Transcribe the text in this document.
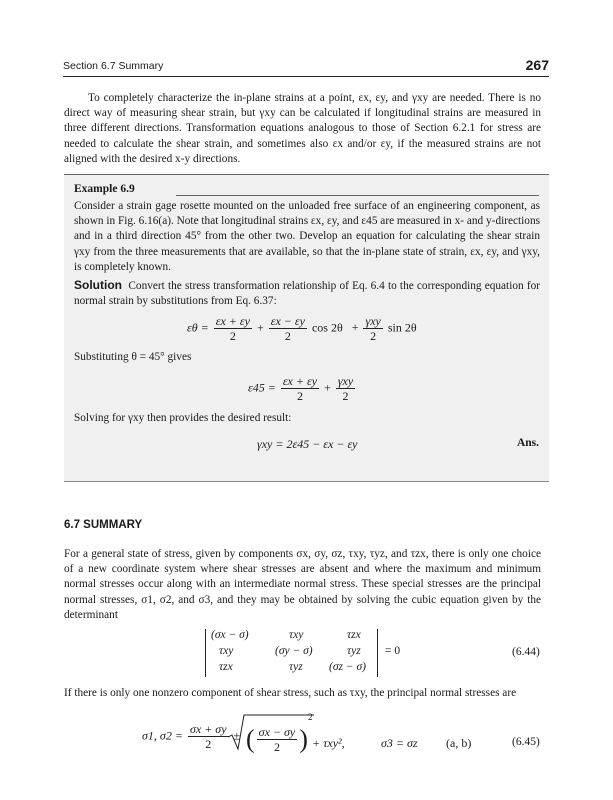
Section 6.7 Summary	267
To completely characterize the in-plane strains at a point, εx, εy, and γxy are needed. There is no direct way of measuring shear strain, but γxy can be calculated if longitudinal strains are measured in three different directions. Transformation equations analogous to those of Section 6.2.1 for stress are needed to calculate the shear strain, and sometimes also εx and/or εy, if the measured strains are not aligned with the desired x-y directions.
Example 6.9
Consider a strain gage rosette mounted on the unloaded free surface of an engineering component, as shown in Fig. 6.16(a). Note that longitudinal strains εx, εy, and ε45 are measured in x- and y-directions and in a third direction 45° from the other two. Develop an equation for calculating the shear strain γxy from the three measurements that are available, so that the in-plane state of strain, εx, εy, and γxy, is completely known.
Solution Convert the stress transformation relationship of Eq. 6.4 to the corresponding equation for normal strain by substitutions from Eq. 6.37:
$\varepsilon\theta = \frac{\varepsilon x + \varepsilon y}{2} + \frac{\varepsilon x - \varepsilon y}{2}$ $\cos 2\theta + \frac{\text{γxy}}{2}$ sin 2θ
Substituting θ = 45° gives
$\varepsilon 45 = \frac{\varepsilon x + \varepsilon y}{2} + \frac{\text{γxy}}{2}$
Solving for γxy then provides the desired result:
γxy = 2ε45 − εx − εy	Ans.
6.7 SUMMARY
For a general state of stress, given by components σx, σy, σz, τxy, τyz, and τzx, there is only one choice of a new coordinate system where shear stresses are absent and where the maximum and minimum normal stresses occur along with an intermediate normal stress. These special stresses are the principal normal stresses, σ1, σ2, and σ3, and they may be obtained by solving the cubic equation given by the determinant
(σx − σ)	τxy	τzx
τxy	(σy − σ)	τyz
τzx	τyz (σz − σ)
= 0	(6.44)
If there is only one nonzero component of shear stress, such as τxy, the principal normal stresses are
σ1, $\sigma 2 = \frac{\sigma x + \sigma y}{2}$ ± ( $\frac{\sigma x - \sigma y}{2} )^2$
+ τxy²,	σ3 = σz (a, b)	(6.45)
